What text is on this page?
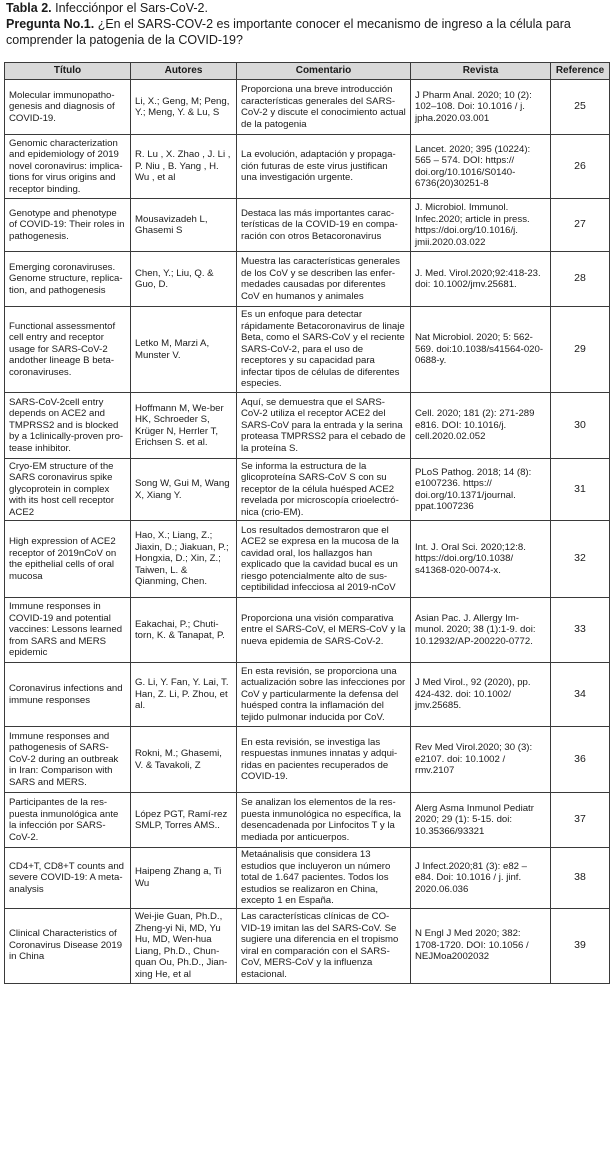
Tabla 2. Infecciónpor el Sars-CoV-2.
Pregunta No.1. ¿En el SARS-COV-2 es importante conocer el mecanismo de ingreso a la célula para comprender la patogenia de la COVID-19?
Título	Autores	Comentario	Revista	Reference
Molecular immunopatho-genesis and diagnosis of COVID-19.	Li, X.; Geng, M; Peng, Y.; Meng, Y. & Lu, S	Proporciona una breve introducción características generales del SARS-CoV-2 y discute el conocimiento actual de la patogenia	J Pharm Anal. 2020; 10 (2): 102–108. Doi: 10.1016 / j. jpha.2020.03.001	25
Genomic characterization and epidemiology of 2019 novel coronavirus: implica-tions for virus origins and receptor binding.	R. Lu , X. Zhao , J. Li , P. Niu , B. Yang , H. Wu , et al	La evolución, adaptación y propaga-ción futuras de este virus justifican una investigación urgente.	Lancet. 2020; 395 (10224): 565 – 574. DOI: https:// doi.org/10.1016/S0140-6736(20)30251-8	26
Genotype and phenotype of COVID-19: Their roles in pathogenesis.	Mousavizadeh L, Ghasemi S	Destaca las más importantes carac-terísticas de la COVID-19 en compa-ración con otros Betacoronavirus	J. Microbiol. Immunol. Infec.2020; article in press. https://doi.org/10.1016/j. jmii.2020.03.022	27
Emerging coronaviruses. Genome structure, replica-tion, and pathogenesis	Chen, Y.; Liu, Q. & Guo, D.	Muestra las características generales de los CoV y se describen las enfer-medades causadas por diferentes CoV en humanos y animales	J. Med. Virol.2020;92:418-23. doi: 10.1002/jmv.25681.	28
Functional assessmentof cell entry and receptor usage for SARS-CoV-2 andother lineage B beta-coronaviruses.	Letko M, Marzi A, Munster V.	Es un enfoque para detectar rápidamente Betacoronavirus de linaje Beta, como el SARS-CoV y el reciente SARS-CoV-2, para el uso de receptores y su capacidad para infectar tipos de células de diferentes especies.	Nat Microbiol. 2020; 5: 562-569. doi:10.1038/s41564-020-0688-y.	29
SARS-CoV-2cell entry depends on ACE2 and TMPRSS2 and is blocked by a 1clinically-proven pro-tease inhibitor.	Hoffmann M, We-ber HK, Schroeder S, Krüger N, Herrler T, Erichsen S. et al.	Aquí, se demuestra que el SARS-CoV-2 utiliza el receptor ACE2 del SARS-CoV para la entrada y la serina proteasa TMPRSS2 para el cebado de la proteína S.	Cell. 2020; 181 (2): 271-289 e816. DOI: 10.1016/j. cell.2020.02.052	30
Cryo-EM structure of the SARS coronavirus spike glycoprotein in complex with its host cell receptor ACE2	Song W, Gui M, Wang X, Xiang Y.	Se informa la estructura de la glicoproteína SARS-CoV S con su receptor de la célula huésped ACE2 revelada por microscopía crioelectró-nica (crio-EM).	PLoS Pathog. 2018; 14 (8): e1007236. https:// doi.org/10.1371/journal. ppat.1007236	31
High expression of ACE2 receptor of 2019nCoV on the epithelial cells of oral mucosa	Hao, X.; Liang, Z.; Jiaxin, D.; Jiakuan, P.; Hongxia, D.; Xin, Z.; Taiwen, L. & Qianming, Chen.	Los resultados demostraron que el ACE2 se expresa en la mucosa de la cavidad oral, los hallazgos han explicado que la cavidad bucal es un riesgo potencialmente alto de sus-ceptibilidad infecciosa al 2019-nCoV	Int. J. Oral Sci. 2020;12:8. https://doi.org/10.1038/ s41368-020-0074-x.	32
Immune responses in COVID-19 and potential vaccines: Lessons learned from SARS and MERS epidemic	Eakachai, P.; Chuti-torn, K. & Tanapat, P.	Proporciona una visión comparativa entre el SARS-CoV, el MERS-CoV y la nueva epidemia de SARS-CoV-2.	Asian Pac. J. Allergy Im-munol. 2020; 38 (1):1-9. doi: 10.12932/AP-200220-0772.	33
Coronavirus infections and immune responses	G. Li, Y. Fan, Y. Lai, T. Han, Z. Li, P. Zhou, et al.	En esta revisión, se proporciona una actualización sobre las infecciones por CoV y particularmente la defensa del huésped contra la inflamación del tejido pulmonar inducida por CoV.	J Med Virol., 92 (2020), pp. 424-432. doi: 10.1002/ jmv.25685.	34
Immune responses and pathogenesis of SARS-CoV-2 during an outbreak in Iran: Comparison with SARS and MERS.	Rokni, M.; Ghasemi, V. & Tavakoli, Z	En esta revisión, se investiga las respuestas inmunes innatas y adqui-ridas en pacientes recuperados de COVID-19.	Rev Med Virol.2020; 30 (3): e2107. doi: 10.1002 / rmv.2107	36
Participantes de la res-puesta inmunológica ante la infección por SARS-CoV-2.	López PGT, Ramí-rez SMLP, Torres AMS..	Se analizan los elementos de la res-puesta inmunológica no específica, la desencadenada por Linfocitos T y la mediada por anticuerpos.	Alerg Asma Inmunol Pediatr 2020; 29 (1): 5-15. doi: 10.35366/93321	37
CD4+T, CD8+T counts and severe COVID-19: A meta-analysis	Haipeng Zhang a, Ti Wu	Metaánalisis que considera 13 estudios que incluyeron un número total de 1.647 pacientes. Todos los estudios se realizaron en China, excepto 1 en España.	J Infect.2020;81 (3): e82 – e84. Doi: 10.1016 / j. jinf. 2020.06.036	38
Clinical Characteristics of Coronavirus Disease 2019 in China	Wei-jie Guan, Ph.D., Zheng-yi Ni, MD, Yu Hu, MD, Wen-hua Liang, Ph.D., Chun-quan Ou, Ph.D., Jian-xing He, et al	Las características clínicas de CO-VID-19 imitan las del SARS-CoV. Se sugiere una diferencia en el tropismo viral en comparación con el SARS-CoV, MERS-CoV y la influenza estacional.	N Engl J Med 2020; 382: 1708-1720. DOI: 10.1056 / NEJMoa2002032	39
